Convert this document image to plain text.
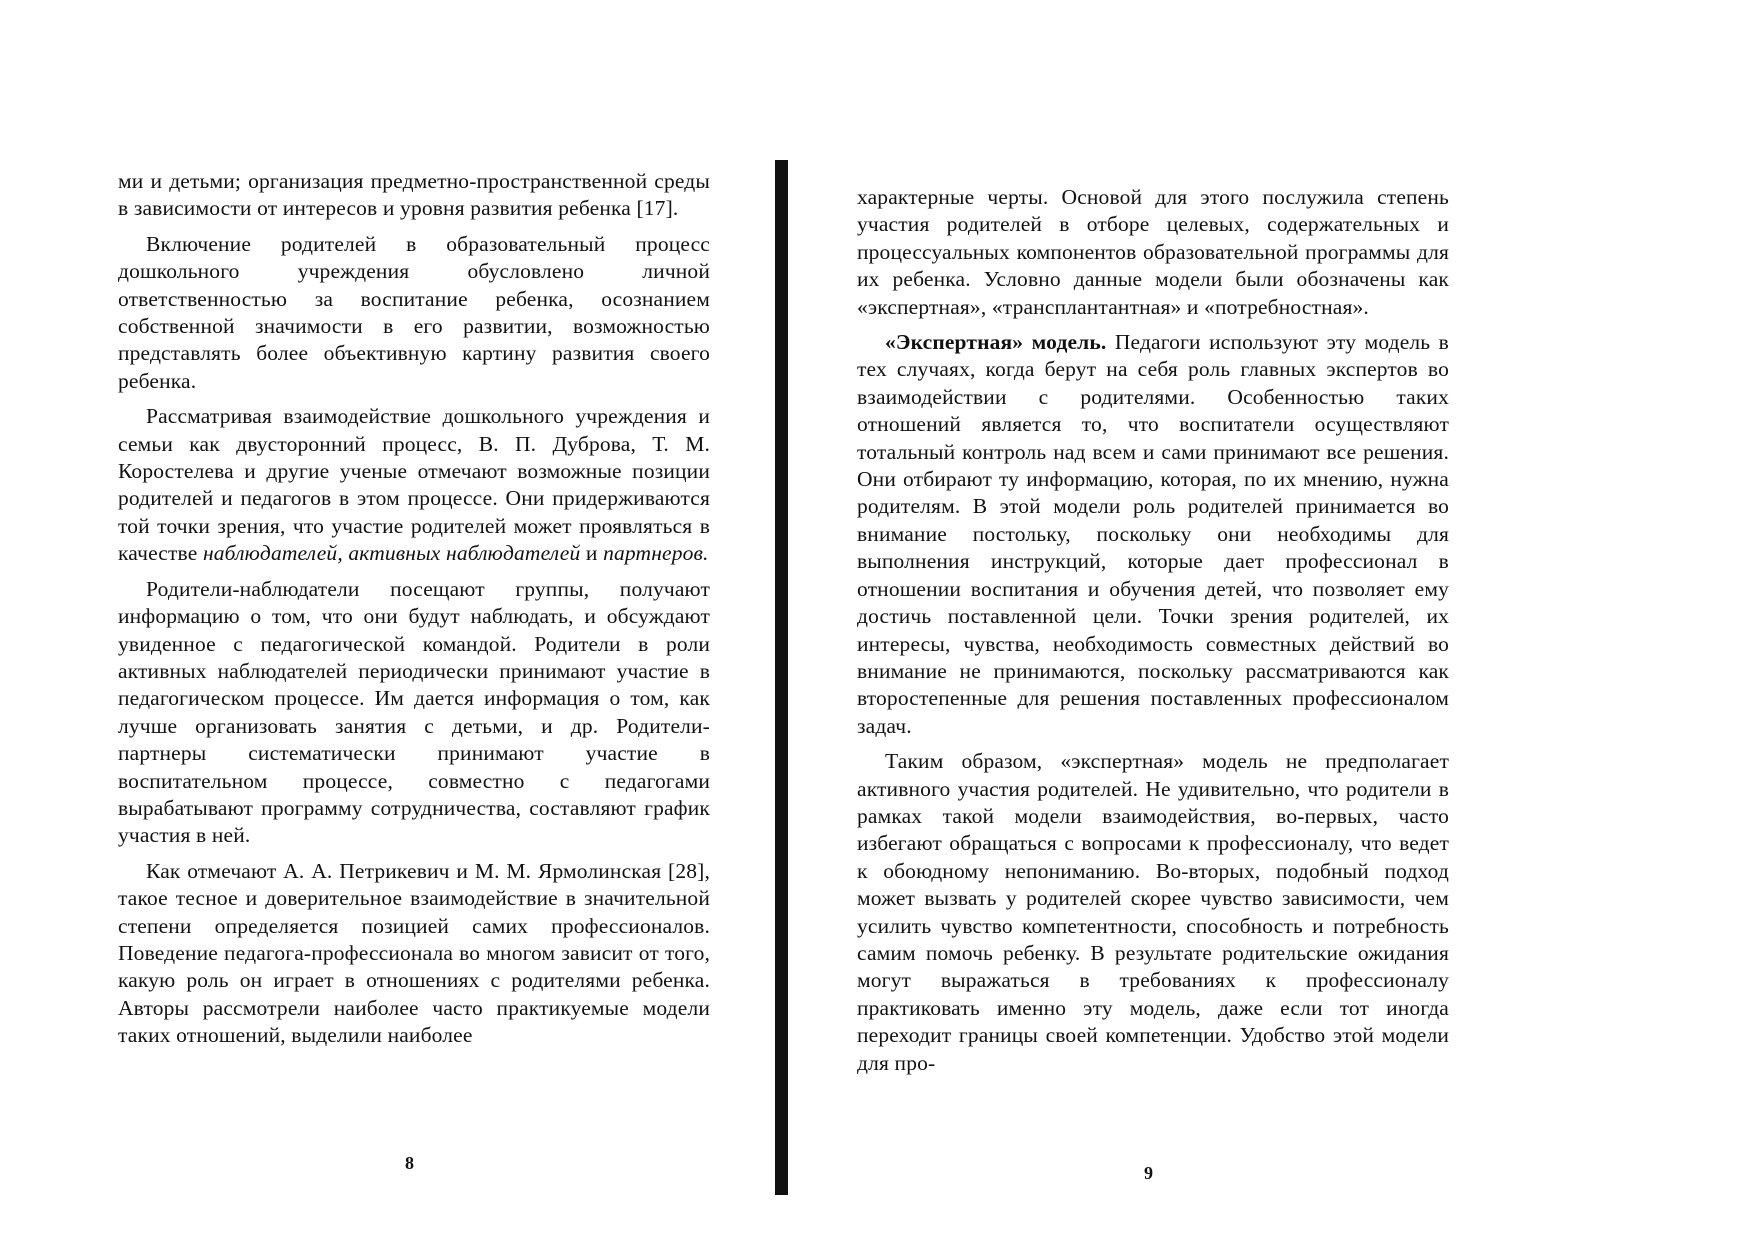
ми и детьми; организация предметно-пространственной среды в зависимости от интересов и уровня развития ребенка [17].

Включение родителей в образовательный процесс дошкольного учреждения обусловлено личной ответственностью за воспитание ребенка, осознанием собственной значимости в его развитии, возможностью представлять более объективную картину развития своего ребенка.

Рассматривая взаимодействие дошкольного учреждения и семьи как двусторонний процесс, В. П. Дуброва, Т. М. Коростелева и другие ученые отмечают возможные позиции родителей и педагогов в этом процессе. Они придерживаются той точки зрения, что участие родителей может проявляться в качестве наблюдателей, активных наблюдателей и партнеров.

Родители-наблюдатели посещают группы, получают информацию о том, что они будут наблюдать, и обсуждают увиденное с педагогической командой. Родители в роли активных наблюдателей периодически принимают участие в педагогическом процессе. Им дается информация о том, как лучше организовать занятия с детьми, и др. Родители-партнеры систематически принимают участие в воспитательном процессе, совместно с педагогами вырабатывают программу сотрудничества, составляют график участия в ней.

Как отмечают А. А. Петрикевич и М. М. Ярмолинская [28], такое тесное и доверительное взаимодействие в значительной степени определяется позицией самих профессионалов. Поведение педагога-профессионала во многом зависит от того, какую роль он играет в отношениях с родителями ребенка. Авторы рассмотрели наиболее часто практикуемые модели таких отношений, выделили наиболее

характерные черты. Основой для этого послужила степень участия родителей в отборе целевых, содержательных и процессуальных компонентов образовательной программы для их ребенка. Условно данные модели были обозначены как «экспертная», «трансплантантная» и «потребностная».

«Экспертная» модель. Педагоги используют эту модель в тех случаях, когда берут на себя роль главных экспертов во взаимодействии с родителями. Особенностью таких отношений является то, что воспитатели осуществляют тотальный контроль над всем и сами принимают все решения. Они отбирают ту информацию, которая, по их мнению, нужна родителям. В этой модели роль родителей принимается во внимание постольку, поскольку они необходимы для выполнения инструкций, которые дает профессионал в отношении воспитания и обучения детей, что позволяет ему достичь поставленной цели. Точки зрения родителей, их интересы, чувства, необходимость совместных действий во внимание не принимаются, поскольку рассматриваются как второстепенные для решения поставленных профессионалом задач.

Таким образом, «экспертная» модель не предполагает активного участия родителей. Не удивительно, что родители в рамках такой модели взаимодействия, во-первых, часто избегают обращаться с вопросами к профессионалу, что ведет к обоюдному непониманию. Во-вторых, подобный подход может вызвать у родителей скорее чувство зависимости, чем усилить чувство компетентности, способность и потребность самим помочь ребенку. В результате родительские ожидания могут выражаться в требованиях к профессионалу практиковать именно эту модель, даже если тот иногда переходит границы своей компетенции. Удобство этой модели для про-

8	9
